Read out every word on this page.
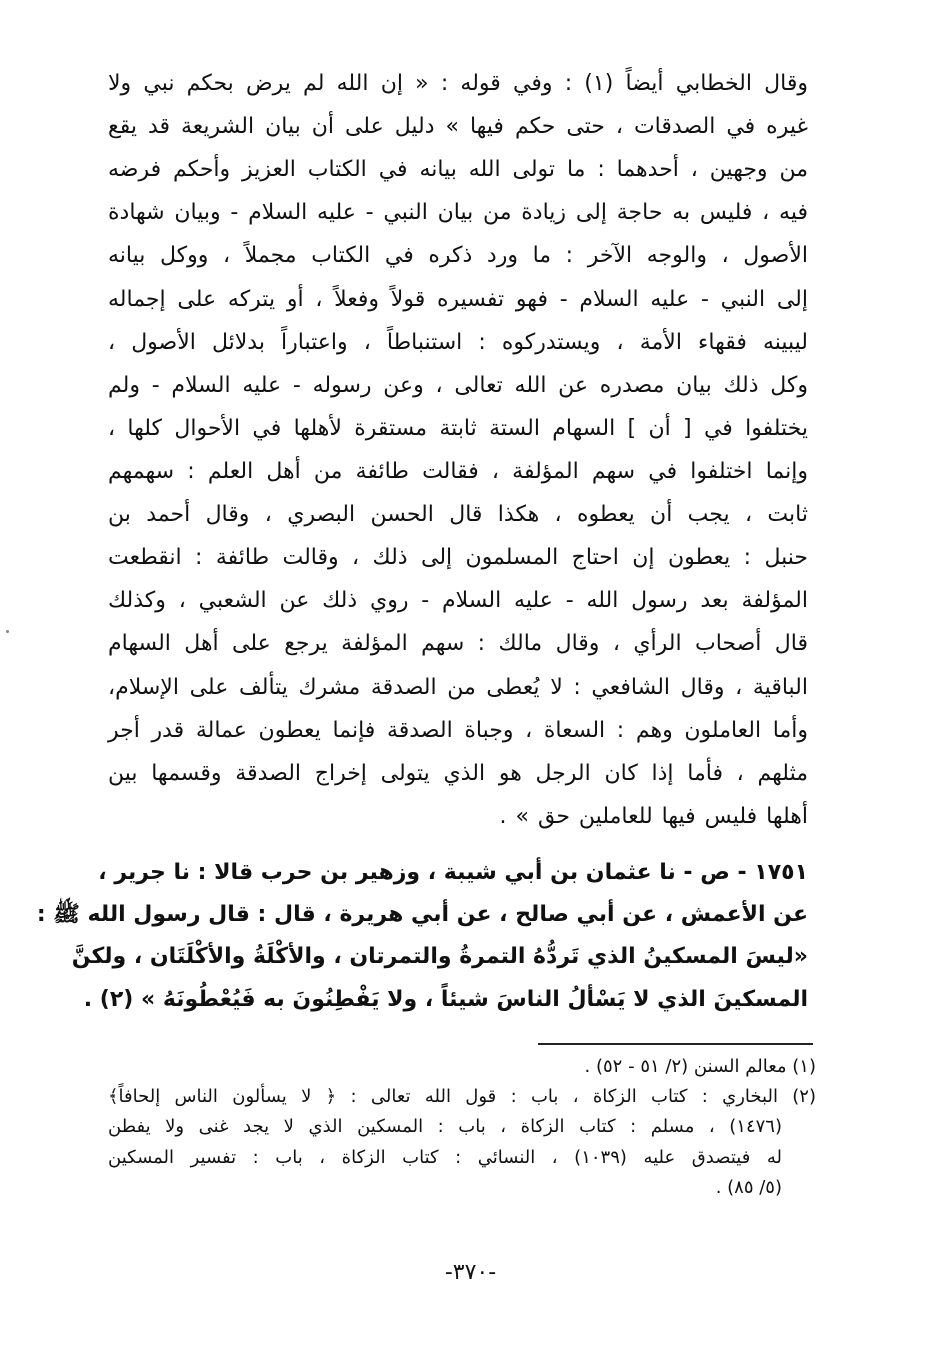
وقال الخطابي أيضاً (١) : وفي قوله : « إن الله لم يرض بحكم نبي ولا
غيره في الصدقات ، حتى حكم فيها » دليل على أن بيان الشريعة قد يقع
من وجهين ، أحدهما : ما تولى الله بيانه في الكتاب العزيز وأحكم فرضه
فيه ، فليس به حاجة إلى زيادة من بيان النبي - عليه السلام - وبيان شهادة
الأصول ، والوجه الآخر : ما ورد ذكره في الكتاب مجملاً ، ووكل بيانه
إلى النبي - عليه السلام - فهو تفسيره قولاً وفعلاً ، أو يتركه على إجماله
ليبينه فقهاء الأمة ، ويستدركوه : استنباطاً ، واعتباراً بدلائل الأصول ،
وكل ذلك بيان مصدره عن الله تعالى ، وعن رسوله - عليه السلام - ولم
يختلفوا في [ أن ] السهام الستة ثابتة مستقرة لأهلها في الأحوال كلها ،
وإنما اختلفوا في سهم المؤلفة ، فقالت طائفة من أهل العلم : سهمهم
ثابت ، يجب أن يعطوه ، هكذا قال الحسن البصري ، وقال أحمد بن
حنبل : يعطون إن احتاج المسلمون إلى ذلك ، وقالت طائفة : انقطعت
المؤلفة بعد رسول الله - عليه السلام - روي ذلك عن الشعبي ، وكذلك
قال أصحاب الرأي ، وقال مالك : سهم المؤلفة يرجع على أهل السهام
الباقية ، وقال الشافعي : لا يُعطى من الصدقة مشرك يتألف على الإسلام،
وأما العاملون وهم : السعاة ، وجباة الصدقة فإنما يعطون عمالة قدر أجر
مثلهم ، فأما إذا كان الرجل هو الذي يتولى إخراج الصدقة وقسمها بين
أهلها فليس فيها للعاملين حق » .
١٧٥١ - ص - نا عثمان بن أبي شيبة ، وزهير بن حرب قالا : نا جرير ،
عن الأعمش ، عن أبي صالح ، عن أبي هريرة ، قال : قال رسول الله ﷺ :
«ليسَ المسكينُ الذي تَردُّهُ التمرةُ والتمرتان ، والأكْلَةُ والأكْلَتَان ، ولكنَّ
المسكينَ الذي لا يَسْألُ الناسَ شيئاً ، ولا يَفْطِنُونَ به فَيُعْطُونَهُ » (٢) .
(١) معالم السنن (٢/ ٥١ - ٥٢) .
(٢) البخاري : كتاب الزكاة ، باب : قول الله تعالى : ﴿ لا يسألون الناس إلحافاً﴾
(١٤٧٦) ، مسلم : كتاب الزكاة ، باب : المسكين الذي لا يجد غنى ولا يفطن
له فيتصدق عليه (١٠٣٩) ، النسائي : كتاب الزكاة ، باب : تفسير المسكين
(٥/ ٨٥) .
-٣٧٠-
